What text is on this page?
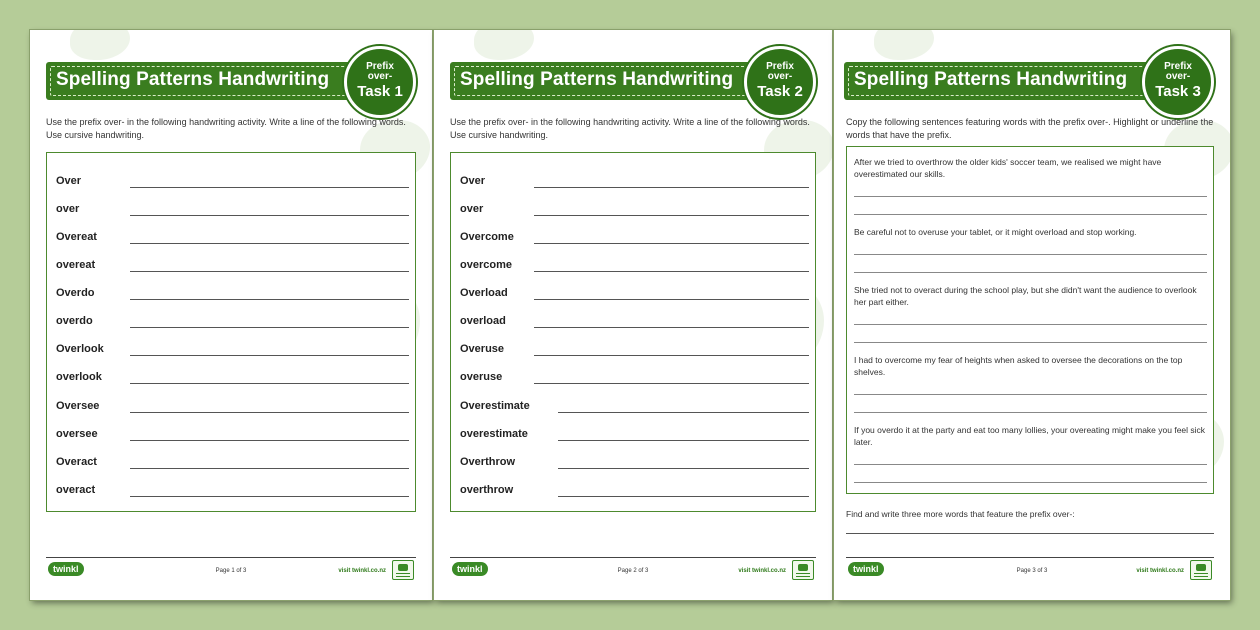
Spelling Patterns Handwriting
Prefix
over-
Task 1
Use the prefix over- in the following handwriting activity. Write a line of the following words. Use cursive handwriting.
Over
over
Overeat
overeat
Overdo
overdo
Overlook
overlook
Oversee
oversee
Overact
overact
twinkl	Page 1 of 3	visit twinkl.co.nz
Spelling Patterns Handwriting
Prefix
over-
Task 2
Use the prefix over- in the following handwriting activity. Write a line of the following words. Use cursive handwriting.
Over
over
Overcome
overcome
Overload
overload
Overuse
overuse
Overestimate
overestimate
Overthrow
overthrow
twinkl	Page 2 of 3	visit twinkl.co.nz
Spelling Patterns Handwriting
Prefix
over-
Task 3
Copy the following sentences featuring words with the prefix over-. Highlight or underline the words that have the prefix.
After we tried to overthrow the older kids' soccer team, we realised we might have overestimated our skills.
Be careful not to overuse your tablet, or it might overload and stop working.
She tried not to overact during the school play, but she didn't want the audience to overlook her part either.
I had to overcome my fear of heights when asked to oversee the decorations on the top shelves.
If you overdo it at the party and eat too many lollies, your overeating might make you feel sick later.
Find and write three more words that feature the prefix over-:
twinkl	Page 3 of 3	visit twinkl.co.nz
